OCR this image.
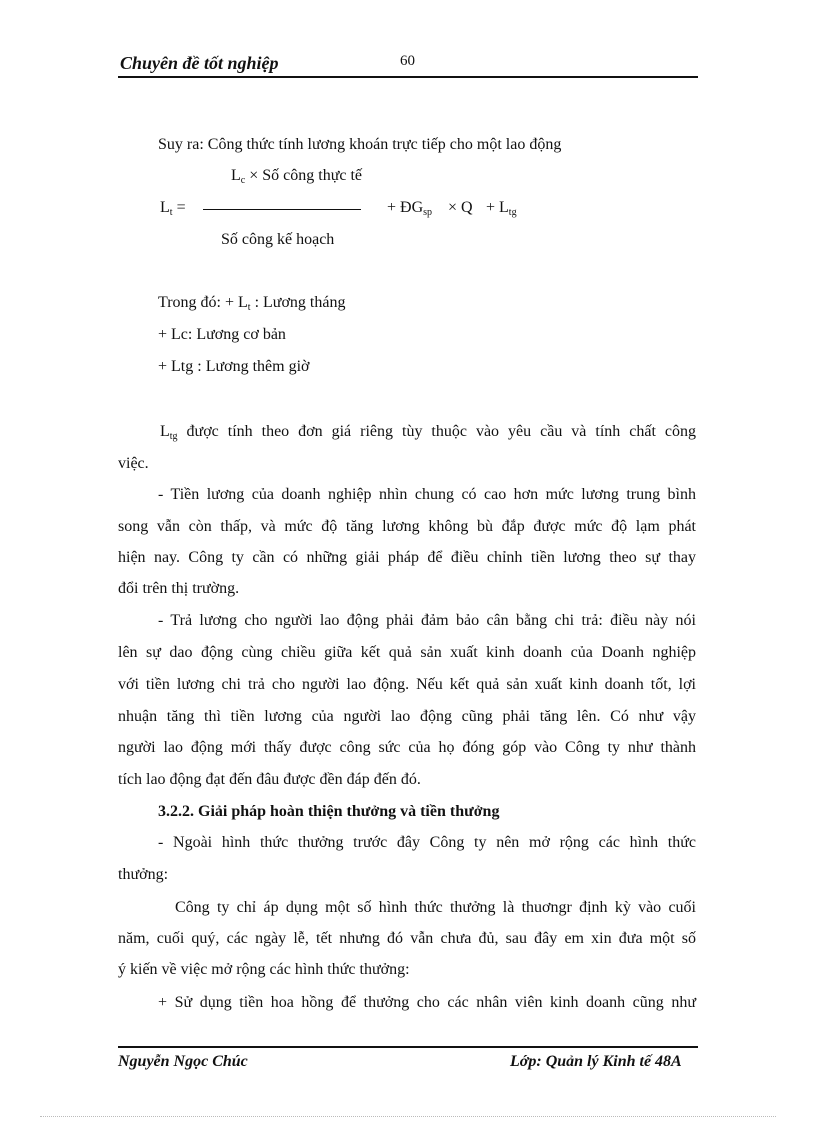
Chuyên đề tốt nghiệp	60
Suy ra: Công thức tính lương khoán trực tiếp cho một lao động
$L_c$ × Số công thực tế
$L_t$ =	+ $ĐG_{sp} \times Q + L_{tg}$
Số công kế hoạch
Trong đó: + $L_t$ : Lương tháng
+ Lc: Lương cơ bản
+ Ltg : Lương thêm giờ
$L_{tg}$ được tính theo đơn giá riêng tùy thuộc vào yêu cầu và tính chất công
việc.
- Tiền lương của doanh nghiệp nhìn chung có cao hơn mức lương trung bình
song vẫn còn thấp, và mức độ tăng lương không bù đắp được mức độ lạm phát
hiện nay. Công ty cần có những giải pháp để điều chỉnh tiền lương theo sự thay
đổi trên thị trường.
- Trả lương cho người lao động phải đảm bảo cân bằng chi trả: điều này nói
lên sự dao động cùng chiều giữa kết quả sản xuất kinh doanh của Doanh nghiệp
với tiền lương chi trả cho người lao động. Nếu kết quả sản xuất kinh doanh tốt, lợi
nhuận tăng thì tiền lương của người lao động cũng phải tăng lên. Có như vậy
người lao động mới thấy được công sức của họ đóng góp vào Công ty như thành
tích lao động đạt đến đâu được đền đáp đến đó.
3.2.2. Giải pháp hoàn thiện thưởng và tiền thưởng
- Ngoài hình thức thưởng trước đây Công ty nên mở rộng các hình thức
thưởng:
Công ty chỉ áp dụng một số hình thức thưởng là thuơngr định kỳ vào cuối
năm, cuối quý, các ngày lễ, tết nhưng đó vẫn chưa đủ, sau đây em xin đưa một số
ý kiến về việc mở rộng các hình thức thưởng:
+ Sử dụng tiền hoa hồng để thưởng cho các nhân viên kinh doanh cũng như
Nguyễn Ngọc Chúc	Lớp: Quản lý Kinh tế 48A
